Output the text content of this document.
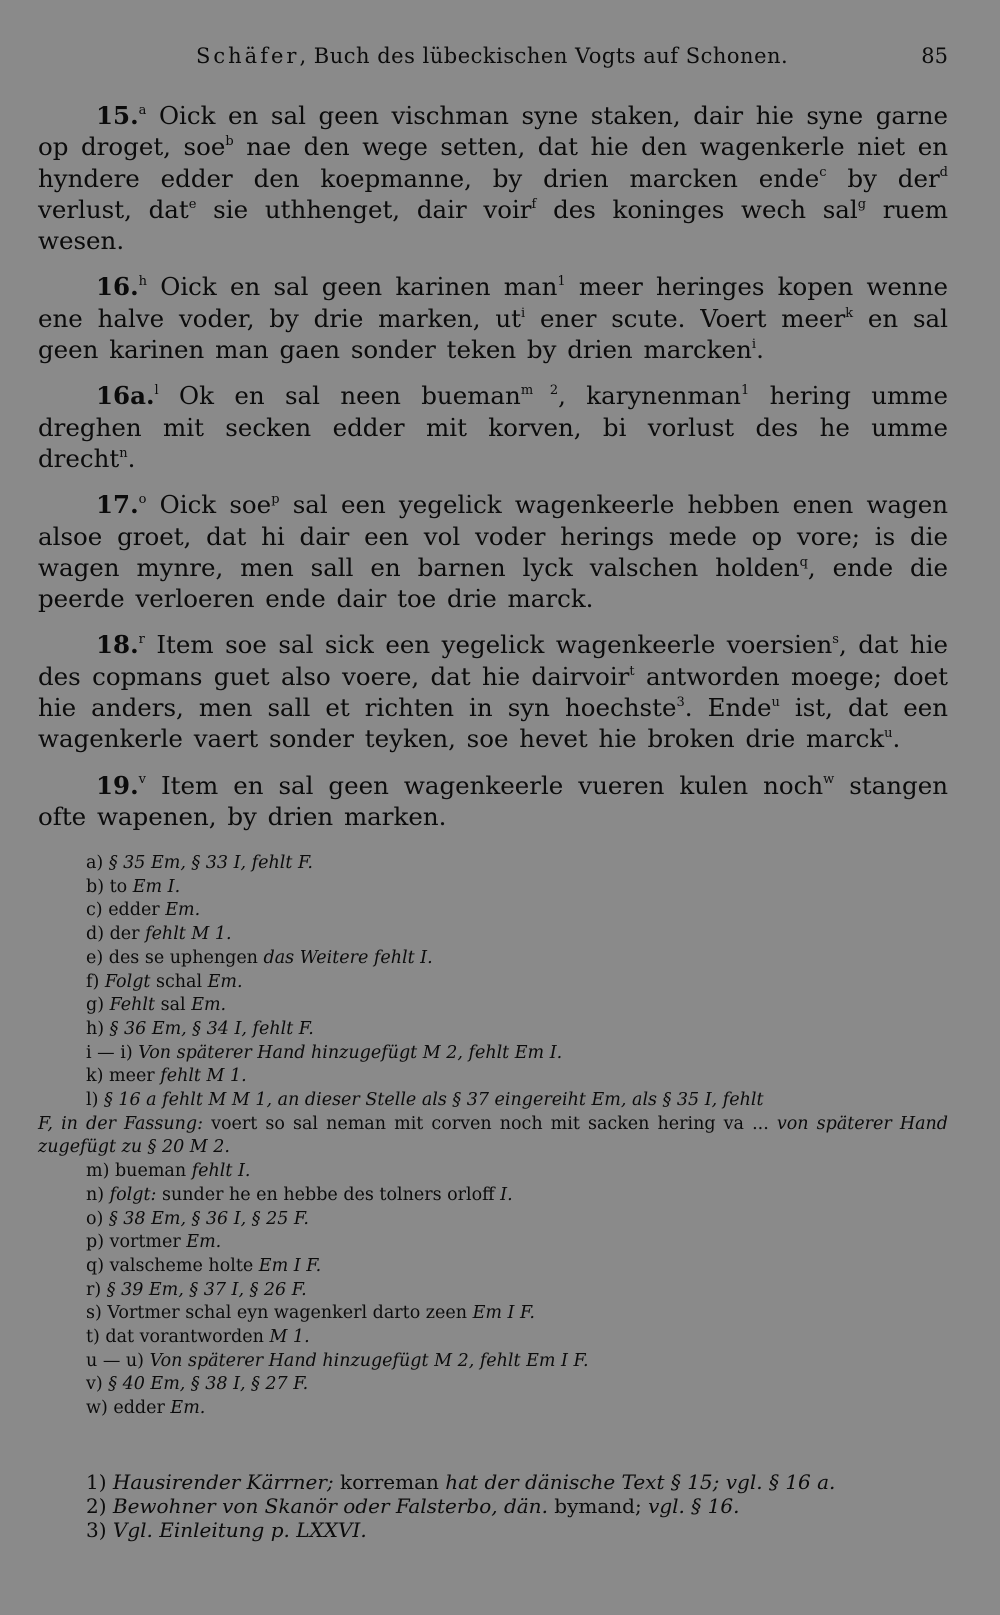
Schäfer, Buch des lübeckischen Vogts auf Schonen.	85

15.$^a$ Oick en sal geen vischman syne staken, dair hie syne garne op droget, soe$^b$ nae den wege setten, dat hie den wagenkerle niet en hyndere edder den koepmanne, by drien marcken ende$^c$ by der$^d$ verlust, dat$^e$ sie uthhenget, dair voir$^f$ des koninges wech sal$^g$ ruem wesen.

16.$^h$ Oick en sal geen karinen man$^1$ meer heringes kopen wenne ene halve voder, by drie marken, $ut^i$ ener scute. Voert meer$^k$ en sal geen karinen man gaen sonder teken by drien marcken$^i$.

16a.$^l$ Ok en sal neen bueman$^{m 2}$, karynenman$^1$ hering umme dreghen mit secken edder mit korven, bi vorlust des he umme drecht$^n$.

17.$^o$ Oick soe$^p$ sal een yegelick wagenkeerle hebben enen wagen alsoe groet, dat hi dair een vol voder herings mede op vore; is die wagen mynre, men sall en barnen lyck valschen holden$^q$, ende die peerde verloeren ende dair toe drie marck.

18.$^r$ Item soe sal sick een yegelick wagenkeerle voersien$^s$, dat hie des copmans guet also voere, dat hie dairvoir$^t$ antworden moege; doet hie anders, men sall et richten in syn hoechste$^3$. Ende$^u$ ist, dat een wagenkerle vaert sonder teyken, soe hevet hie broken drie marck$^u$.

19.$^v$ Item en sal geen wagenkeerle vueren kulen noch$^w$ stangen ofte wapenen, by drien marken.

a) § 35 Em, § 33 I, fehlt F.

b) to Em I.

c) edder Em.

d) der fehlt M 1.

e) des se uphengen das Weitere fehlt I.

f) Folgt schal Em.

g) Fehlt sal Em.

h) § 36 Em, § 34 I, fehlt F.

i — i) Von späterer Hand hinzugefügt M 2, fehlt Em I.

k) meer fehlt M 1.

l) § 16 a fehlt M M 1, an dieser Stelle als § 37 eingereiht Em, als § 35 I, fehlt

F, in der Fassung: voert so sal neman mit corven noch mit sacken hering va ... von späterer Hand zugefügt zu § 20 M 2.

m) bueman fehlt I.

n) folgt: sunder he en hebbe des tolners orloff I.

o) § 38 Em, § 36 I, § 25 F.

p) vortmer Em.

q) valscheme holte Em I F.

r) § 39 Em, § 37 I, § 26 F.

s) Vortmer schal eyn wagenkerl darto zeen Em I F.

t) dat vorantworden M 1.

u — u) Von späterer Hand hinzugefügt M 2, fehlt Em I F.

v) § 40 Em, § 38 I, § 27 F.

w) edder Em.

1) Hausirender Kärrner; korreman hat der dänische Text § 15; vgl. § 16 a.

2) Bewohner von Skanör oder Falsterbo, dän. bymand; vgl. § 16.

3) Vgl. Einleitung p. LXXVI.
